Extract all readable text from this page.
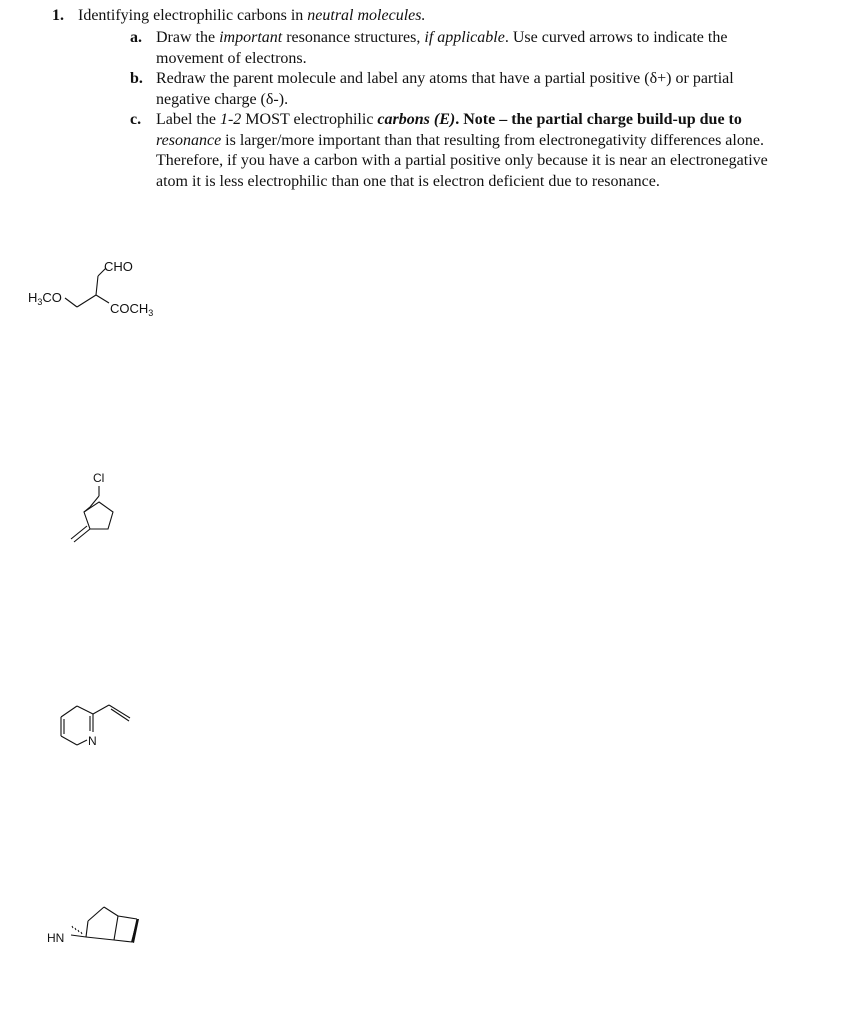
1. Identifying electrophilic carbons in neutral molecules.
a. Draw the important resonance structures, if applicable. Use curved arrows to indicate the
movement of electrons.
b. Redraw the parent molecule and label any atoms that have a partial positive (δ+) or partial
negative charge (δ-).
c. Label the 1-2 MOST electrophilic carbons (E). Note – the partial charge build-up due to
resonance is larger/more important than that resulting from electronegativity differences alone.
Therefore, if you have a carbon with a partial positive only because it is near an electronegative
atom it is less electrophilic than one that is electron deficient due to resonance.
CHO
$H_3CO$
$COCH_3$
Cl
N
HN
